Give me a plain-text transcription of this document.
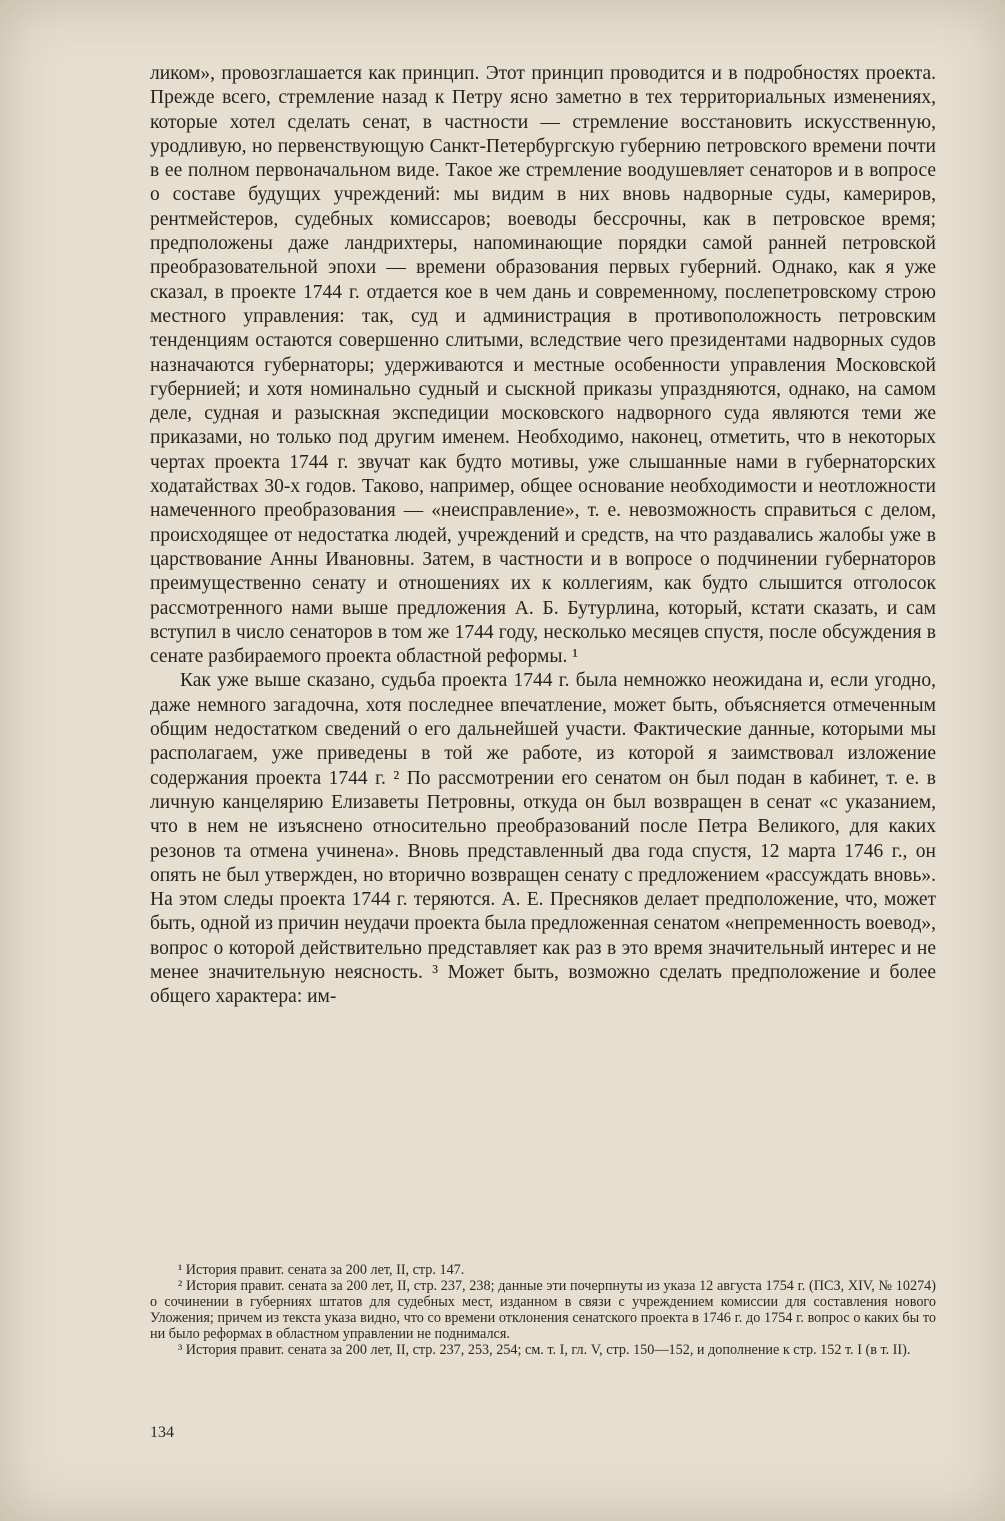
ликом», провозглашается как принцип. Этот принцип проводится и в подробностях проекта. Прежде всего, стремление назад к Петру ясно заметно в тех территориальных изменениях, которые хотел сделать сенат, в частности — стремление восстановить искусственную, уродливую, но первенствующую Санкт-Петербургскую губернию петровского времени почти в ее полном первоначальном виде. Такое же стремление воодушевляет сенаторов и в вопросе о составе будущих учреждений: мы видим в них вновь надворные суды, камериров, рентмейстеров, судебных комиссаров; воеводы бессрочны, как в петровское время; предположены даже ландрихтеры, напоминающие порядки самой ранней петровской преобразовательной эпохи — времени образования первых губерний. Однако, как я уже сказал, в проекте 1744 г. отдается кое в чем дань и современному, послепетровскому строю местного управления: так, суд и администрация в противоположность петровским тенденциям остаются совершенно слитыми, вследствие чего президентами надворных судов назначаются губернаторы; удерживаются и местные особенности управления Московской губернией; и хотя номинально судный и сыскной приказы упраздняются, однако, на самом деле, судная и разыскная экспедиции московского надворного суда являются теми же приказами, но только под другим именем. Необходимо, наконец, отметить, что в некоторых чертах проекта 1744 г. звучат как будто мотивы, уже слышанные нами в губернаторских ходатайствах 30-х годов. Таково, например, общее основание необходимости и неотложности намеченного преобразования — «неисправление», т. е. невозможность справиться с делом, происходящее от недостатка людей, учреждений и средств, на что раздавались жалобы уже в царствование Анны Ивановны. Затем, в частности и в вопросе о подчинении губернаторов преимущественно сенату и отношениях их к коллегиям, как будто слышится отголосок рассмотренного нами выше предложения А. Б. Бутурлина, который, кстати сказать, и сам вступил в число сенаторов в том же 1744 году, несколько месяцев спустя, после обсуждения в сенате разбираемого проекта областной реформы. ¹

Как уже выше сказано, судьба проекта 1744 г. была немножко неожидана и, если угодно, даже немного загадочна, хотя последнее впечатление, может быть, объясняется отмеченным общим недостатком сведений о его дальнейшей участи. Фактические данные, которыми мы располагаем, уже приведены в той же работе, из которой я заимствовал изложение содержания проекта 1744 г. ² По рассмотрении его сенатом он был подан в кабинет, т. е. в личную канцелярию Елизаветы Петровны, откуда он был возвращен в сенат «с указанием, что в нем не изъяснено относительно преобразований после Петра Великого, для каких резонов та отмена учинена». Вновь представленный два года спустя, 12 марта 1746 г., он опять не был утвержден, но вторично возвращен сенату с предложением «рассуждать вновь». На этом следы проекта 1744 г. теряются. А. Е. Пресняков делает предположение, что, может быть, одной из причин неудачи проекта была предложенная сенатом «непременность воевод», вопрос о которой действительно представляет как раз в это время значительный интерес и не менее значительную неясность. ³ Может быть, возможно сделать предположение и более общего характера: им-

¹ История правит. сената за 200 лет, II, стр. 147.

² История правит. сената за 200 лет, II, стр. 237, 238; данные эти почерпнуты из указа 12 августа 1754 г. (ПСЗ, XIV, № 10274) о сочинении в губерниях штатов для судебных мест, изданном в связи с учреждением комиссии для составления нового Уложения; причем из текста указа видно, что со времени отклонения сенатского проекта в 1746 г. до 1754 г. вопрос о каких бы то ни было реформах в областном управлении не поднимался.

³ История правит. сената за 200 лет, II, стр. 237, 253, 254; см. т. I, гл. V, стр. 150—152, и дополнение к стр. 152 т. I (в т. II).

134
